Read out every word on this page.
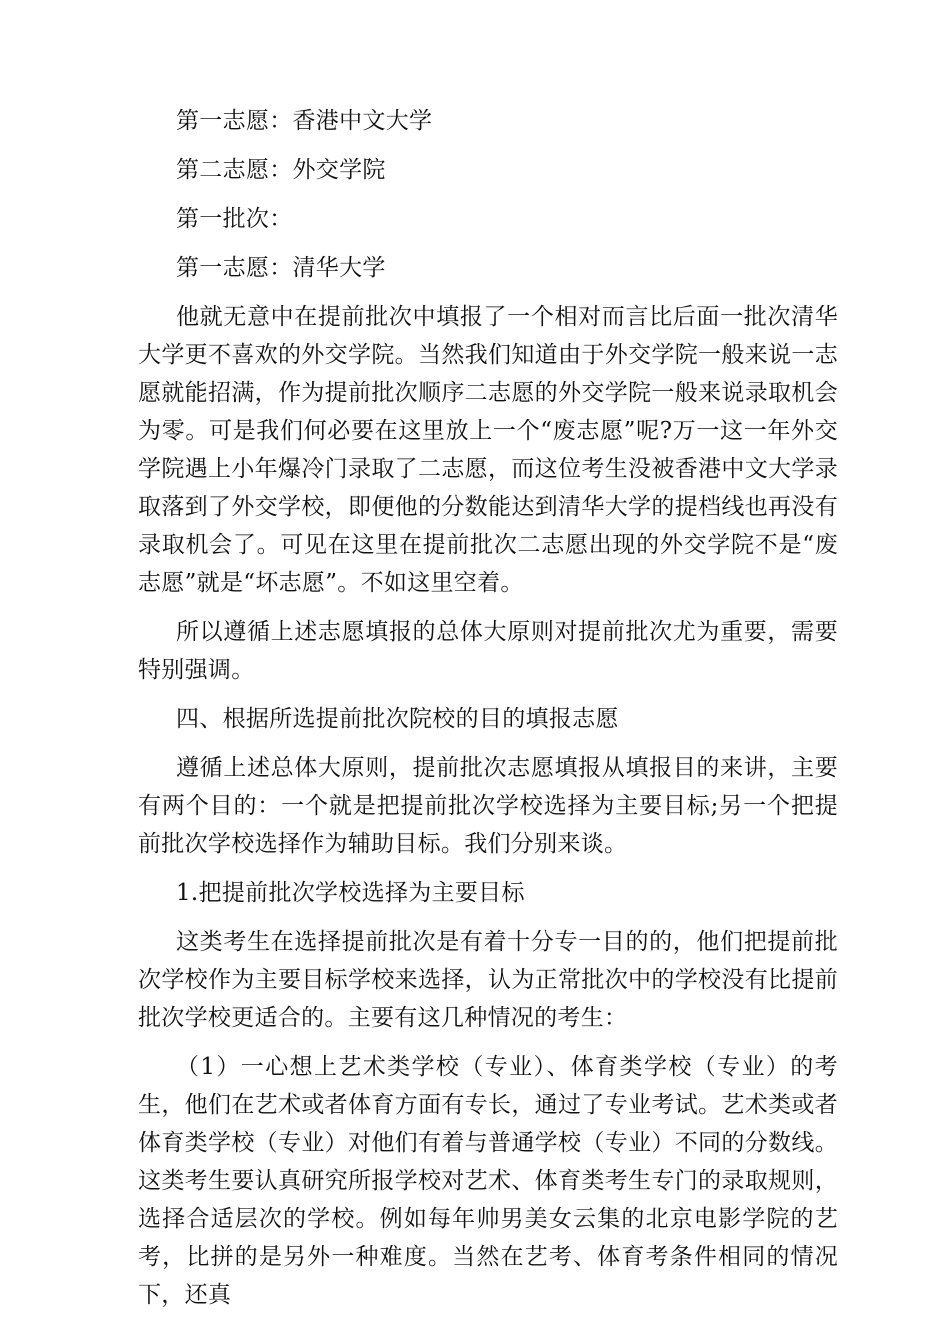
第一志愿：香港中文大学

第二志愿：外交学院

第一批次：

第一志愿：清华大学

他就无意中在提前批次中填报了一个相对而言比后面一批次清华大学更不喜欢的外交学院。当然我们知道由于外交学院一般来说一志愿就能招满，作为提前批次顺序二志愿的外交学院一般来说录取机会为零。可是我们何必要在这里放上一个“废志愿”呢?万一这一年外交学院遇上小年爆冷门录取了二志愿，而这位考生没被香港中文大学录取落到了外交学校，即便他的分数能达到清华大学的提档线也再没有录取机会了。可见在这里在提前批次二志愿出现的外交学院不是“废志愿”就是“坏志愿”。不如这里空着。

所以遵循上述志愿填报的总体大原则对提前批次尤为重要，需要特别强调。

四、根据所选提前批次院校的目的填报志愿

遵循上述总体大原则，提前批次志愿填报从填报目的来讲，主要有两个目的：一个就是把提前批次学校选择为主要目标;另一个把提前批次学校选择作为辅助目标。我们分别来谈。

1.把提前批次学校选择为主要目标

这类考生在选择提前批次是有着十分专一目的的，他们把提前批次学校作为主要目标学校来选择，认为正常批次中的学校没有比提前批次学校更适合的。主要有这几种情况的考生：

（1）一心想上艺术类学校（专业）、体育类学校（专业）的考生，他们在艺术或者体育方面有专长，通过了专业考试。艺术类或者体育类学校（专业）对他们有着与普通学校（专业）不同的分数线。这类考生要认真研究所报学校对艺术、体育类考生专门的录取规则，选择合适层次的学校。例如每年帅男美女云集的北京电影学院的艺考，比拼的是另外一种难度。当然在艺考、体育考条件相同的情况下，还真
